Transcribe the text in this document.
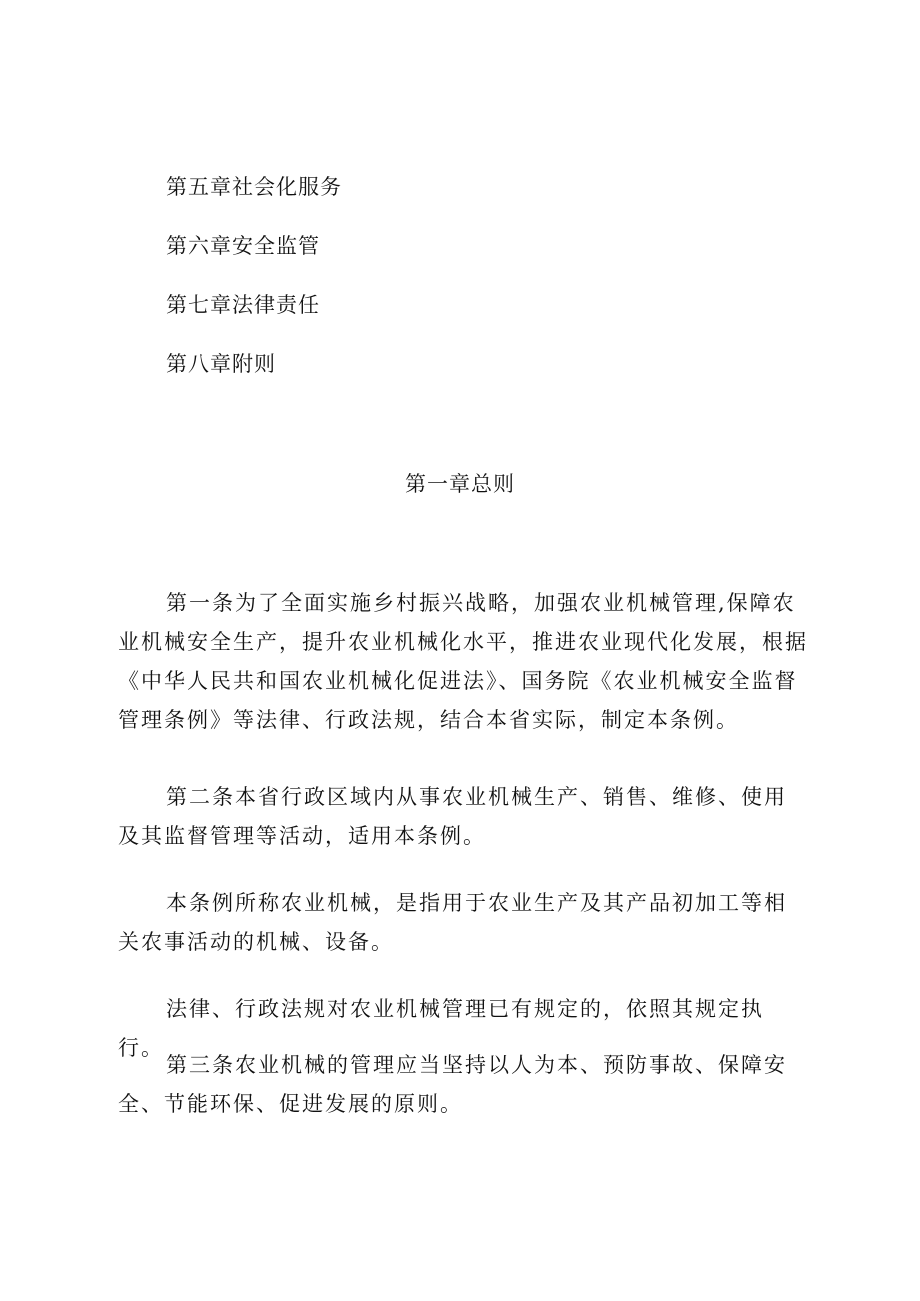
第五章社会化服务
第六章安全监管
第七章法律责任
第八章附则
第一章总则

第一条为了全面实施乡村振兴战略，加强农业机械管理,保障农业机械安全生产，提升农业机械化水平，推进农业现代化发展，根据《中华人民共和国农业机械化促进法》、国务院《农业机械安全监督管理条例》等法律、行政法规，结合本省实际，制定本条例。

第二条本省行政区域内从事农业机械生产、销售、维修、使用及其监督管理等活动，适用本条例。

本条例所称农业机械，是指用于农业生产及其产品初加工等相关农事活动的机械、设备。

法律、行政法规对农业机械管理已有规定的，依照其规定执行。

第三条农业机械的管理应当坚持以人为本、预防事故、保障安全、节能环保、促进发展的原则。
